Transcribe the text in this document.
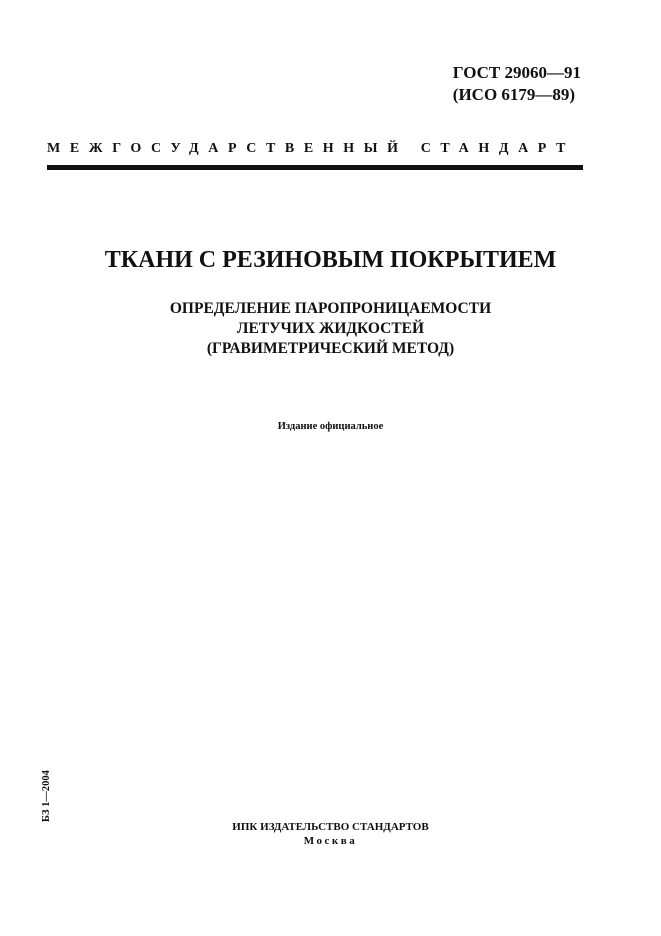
ГОСТ 29060—91
(ИСО 6179—89)
МЕЖГОСУДАРСТВЕННЫЙ СТАНДАРТ
ТКАНИ С РЕЗИНОВЫМ ПОКРЫТИЕМ
ОПРЕДЕЛЕНИЕ ПАРОПРОНИЦАЕМОСТИ
ЛЕТУЧИХ ЖИДКОСТЕЙ
(ГРАВИМЕТРИЧЕСКИЙ МЕТОД)
Издание официальное
БЗ 1—2004
ИПК ИЗДАТЕЛЬСТВО СТАНДАРТОВ
Москва
